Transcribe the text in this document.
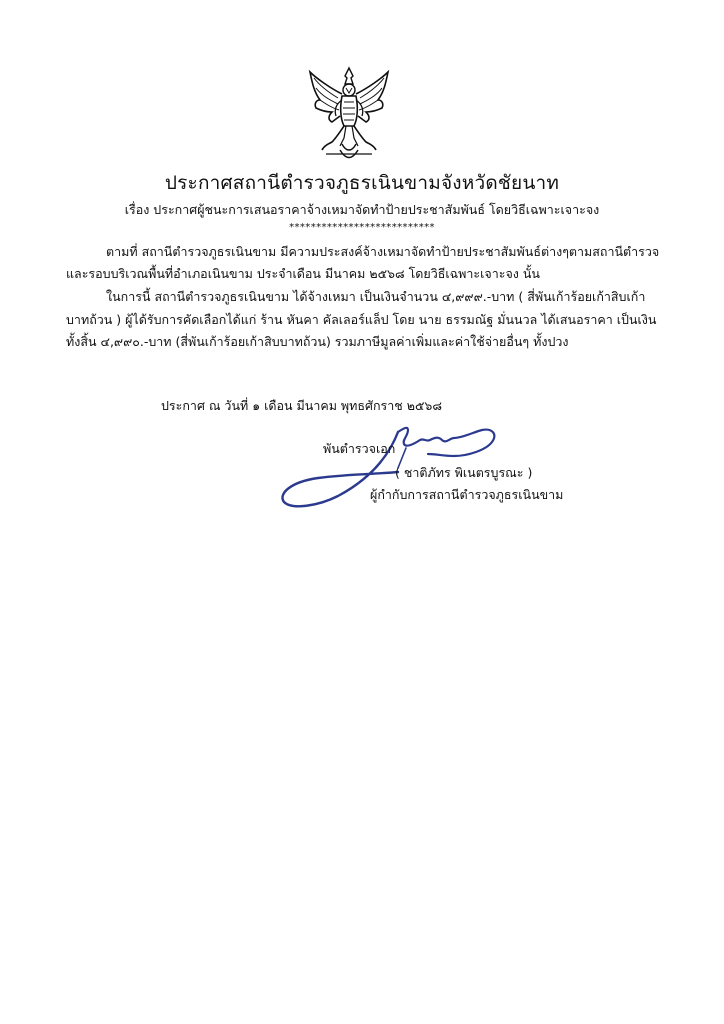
ประกาศสถานีตำรวจภูธรเนินขามจังหวัดชัยนาท
เรื่อง ประกาศผู้ชนะการเสนอราคาจ้างเหมาจัดทำป้ายประชาสัมพันธ์ โดยวิธีเฉพาะเจาะจง
***************************
ตามที่ สถานีตำรวจภูธรเนินขาม มีความประสงค์จ้างเหมาจัดทำป้ายประชาสัมพันธ์ต่างๆตามสถานีตำรวจ
และรอบบริเวณพื้นที่อำเภอเนินขาม ประจำเดือน มีนาคม ๒๕๖๘ โดยวิธีเฉพาะเจาะจง นั้น
ในการนี้ สถานีตำรวจภูธรเนินขาม ได้จ้างเหมา เป็นเงินจำนวน ๔,๙๙๙.-บาท ( สี่พันเก้าร้อยเก้าสิบเก้า
บาทถ้วน ) ผู้ได้รับการคัดเลือกได้แก่ ร้าน หันคา คัลเลอร์แล็ป โดย นาย ธรรมณัฐ มั่นนวล ได้เสนอราคา เป็นเงิน
ทั้งสิ้น ๔,๙๙๐.-บาท (สี่พันเก้าร้อยเก้าสิบบาทถ้วน) รวมภาษีมูลค่าเพิ่มและค่าใช้จ่ายอื่นๆ ทั้งปวง
ประกาศ ณ วันที่ ๑ เดือน มีนาคม พุทธศักราช ๒๕๖๘
พันตำรวจเอก
( ชาติภัทร พิเนตรบูรณะ )
ผู้กำกับการสถานีตำรวจภูธรเนินขาม
